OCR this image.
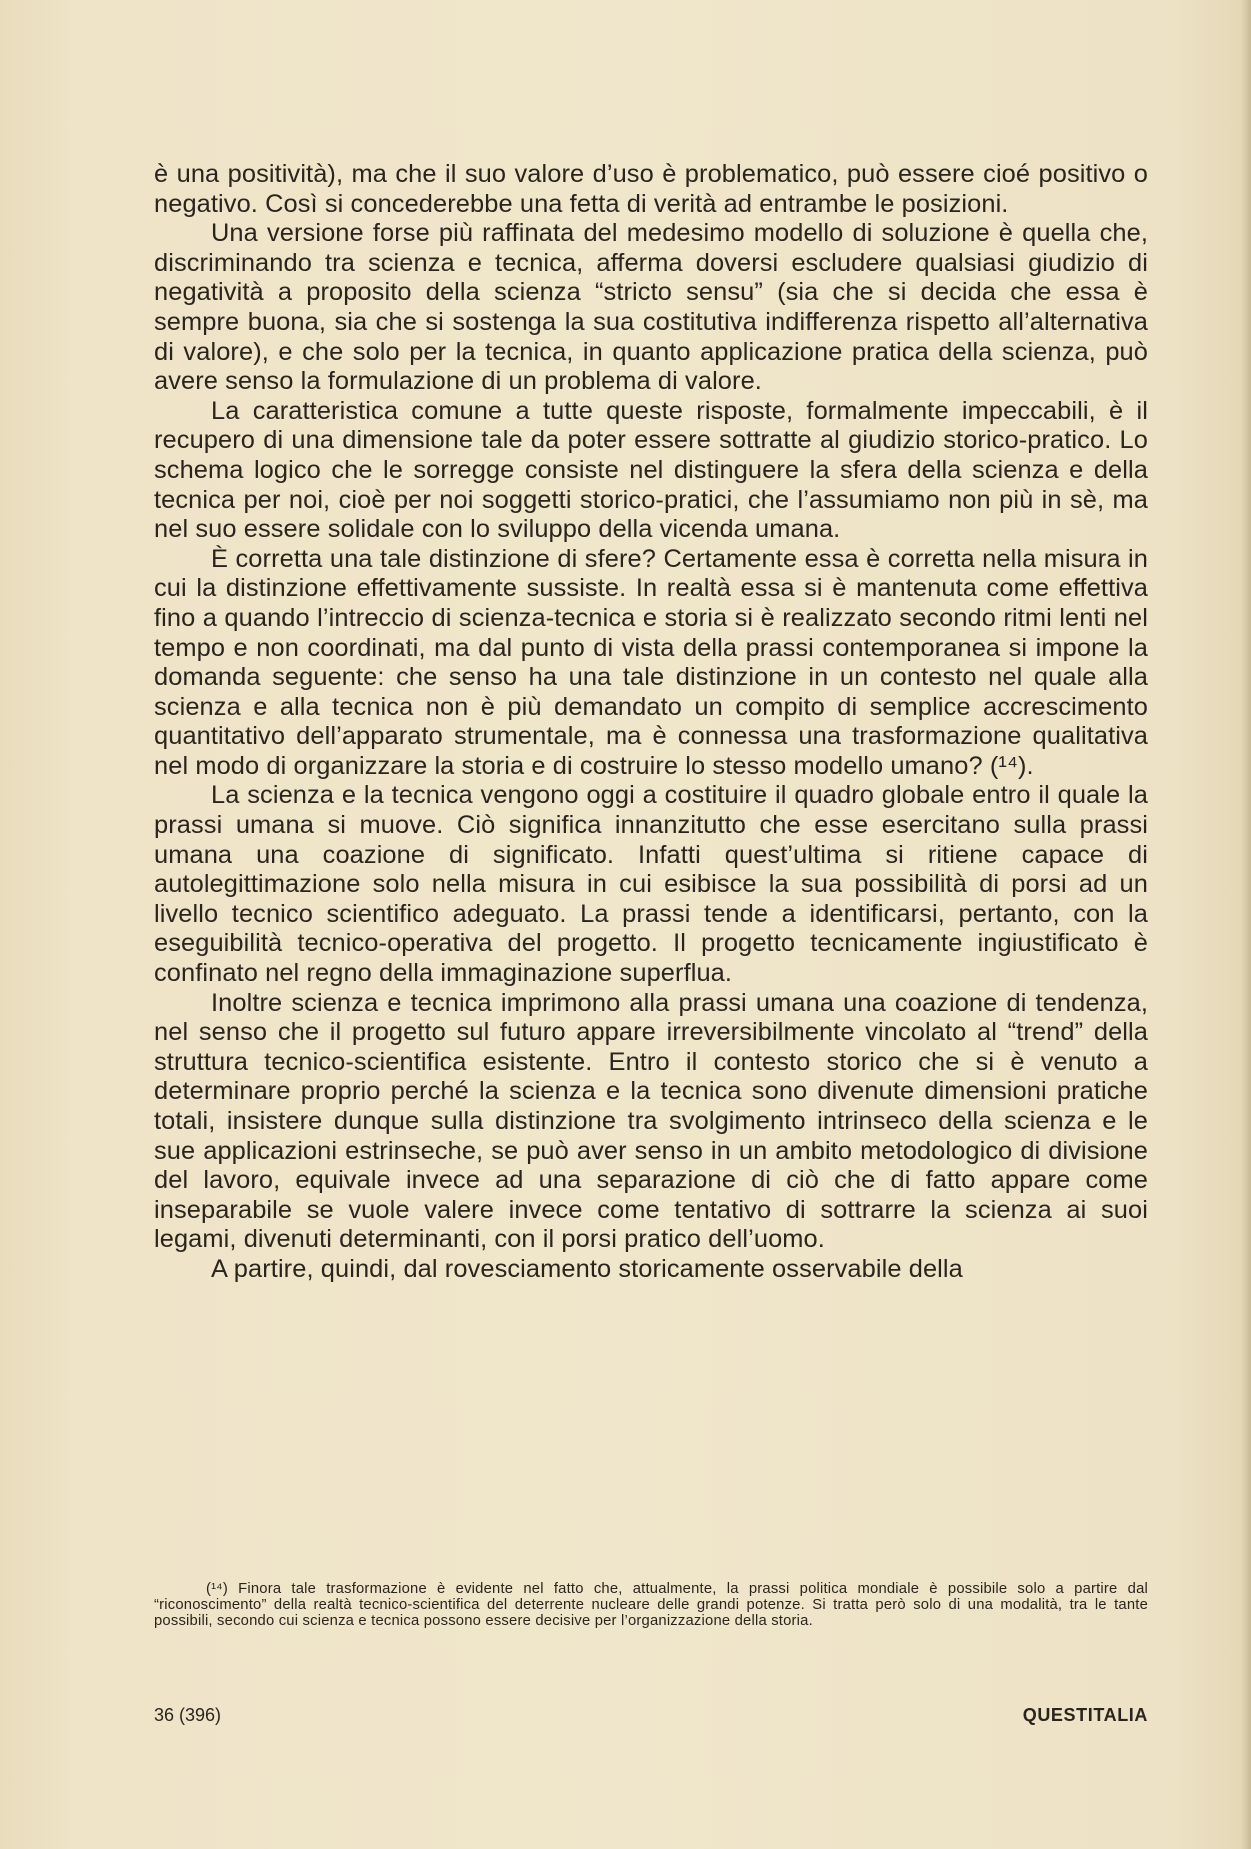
è una positività), ma che il suo valore d’uso è problematico, può essere cioé positivo o negativo. Così si concederebbe una fetta di verità ad entrambe le posizioni.

Una versione forse più raffinata del medesimo modello di soluzione è quella che, discriminando tra scienza e tecnica, afferma doversi escludere qualsiasi giudizio di negatività a proposito della scienza “stricto sensu” (sia che si decida che essa è sempre buona, sia che si sostenga la sua costitutiva indifferenza rispetto all’alternativa di valore), e che solo per la tecnica, in quanto applicazione pratica della scienza, può avere senso la formulazione di un problema di valore.

La caratteristica comune a tutte queste risposte, formalmente impeccabili, è il recupero di una dimensione tale da poter essere sottratte al giudizio storico-pratico. Lo schema logico che le sorregge consiste nel distinguere la sfera della scienza e della tecnica per noi, cioè per noi soggetti storico-pratici, che l’assumiamo non più in sè, ma nel suo essere solidale con lo sviluppo della vicenda umana.

È corretta una tale distinzione di sfere? Certamente essa è corretta nella misura in cui la distinzione effettivamente sussiste. In realtà essa si è mantenuta come effettiva fino a quando l’intreccio di scienza-tecnica e storia si è realizzato secondo ritmi lenti nel tempo e non coordinati, ma dal punto di vista della prassi contemporanea si impone la domanda seguente: che senso ha una tale distinzione in un contesto nel quale alla scienza e alla tecnica non è più demandato un compito di semplice accrescimento quantitativo dell’apparato strumentale, ma è connessa una trasformazione qualitativa nel modo di organizzare la storia e di costruire lo stesso modello umano? (¹⁴).

La scienza e la tecnica vengono oggi a costituire il quadro globale entro il quale la prassi umana si muove. Ciò significa innanzitutto che esse esercitano sulla prassi umana una coazione di significato. Infatti quest’ultima si ritiene capace di autolegittimazione solo nella misura in cui esibisce la sua possibilità di porsi ad un livello tecnico scientifico adeguato. La prassi tende a identificarsi, pertanto, con la eseguibilità tecnico-operativa del progetto. Il progetto tecnicamente ingiustificato è confinato nel regno della immaginazione superflua.

Inoltre scienza e tecnica imprimono alla prassi umana una coazione di tendenza, nel senso che il progetto sul futuro appare irreversibilmente vincolato al “trend” della struttura tecnico-scientifica esistente. Entro il contesto storico che si è venuto a determinare proprio perché la scienza e la tecnica sono divenute dimensioni pratiche totali, insistere dunque sulla distinzione tra svolgimento intrinseco della scienza e le sue applicazioni estrinseche, se può aver senso in un ambito metodologico di divisione del lavoro, equivale invece ad una separazione di ciò che di fatto appare come inseparabile se vuole valere invece come tentativo di sottrarre la scienza ai suoi legami, divenuti determinanti, con il porsi pratico dell’uomo.

A partire, quindi, dal rovesciamento storicamente osservabile della

(¹⁴) Finora tale trasformazione è evidente nel fatto che, attualmente, la prassi politica mondiale è possibile solo a partire dal “riconoscimento” della realtà tecnico-scientifica del deterrente nucleare delle grandi potenze. Si tratta però solo di una modalità, tra le tante possibili, secondo cui scienza e tecnica possono essere decisive per l’organizzazione della storia.

36 (396)	QUESTITALIA
